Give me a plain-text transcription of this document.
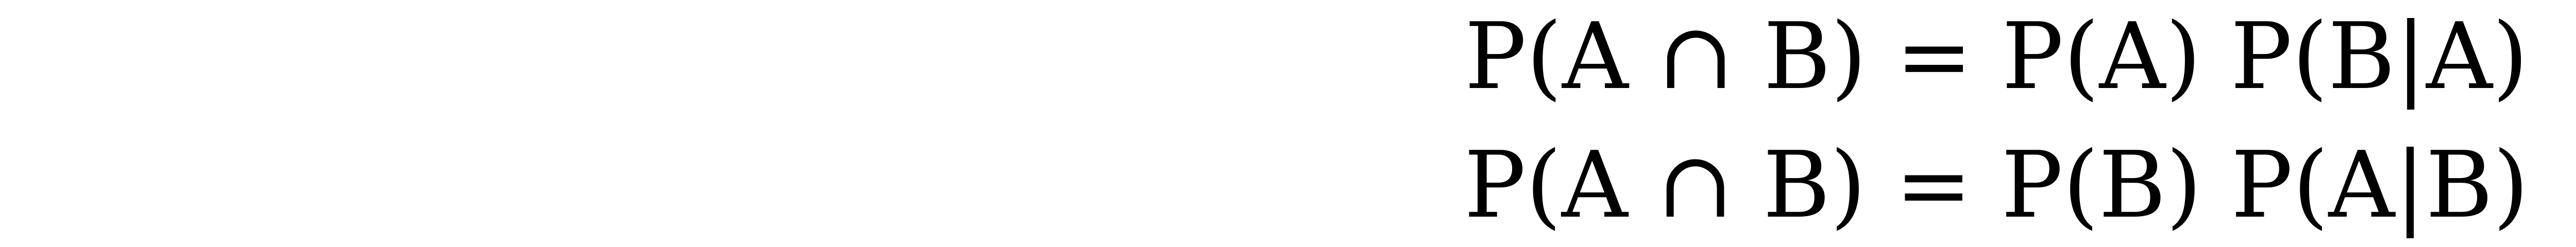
P(A ∩ B) = P(A) P(B|A)
P(A ∩ B) = P(B) P(A|B)
